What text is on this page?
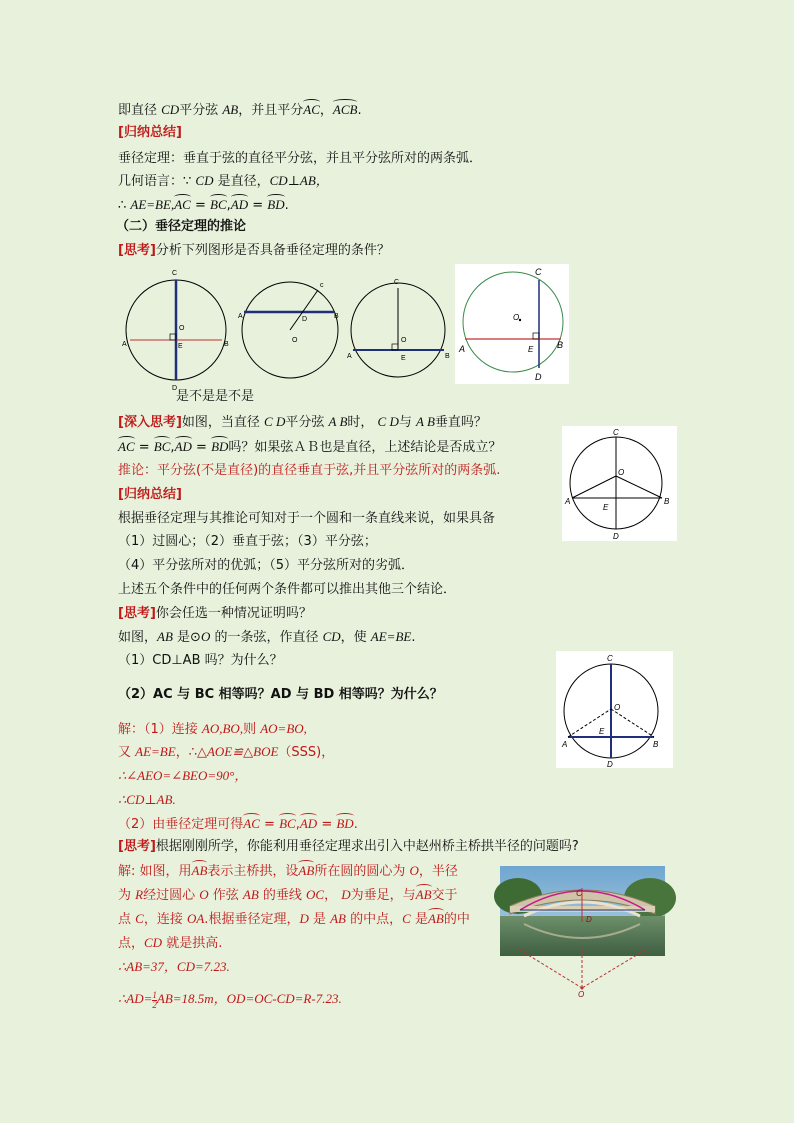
即直径 CD平分弦 AB，并且平分AC，ACB.
[归纳总结]
垂径定理：垂直于弦的直径平分弦，并且平分弦所对的两条弧．
几何语言：∵ CD 是直径，CD⊥AB，
∴ AE=BE,AC = BC,AD = BD.
（二）垂径定理的推论
[思考]分析下列图形是否具备垂径定理的条件？
C
O
E
D
A	B
c
D
O
A	B
C
O
E
A	B
C
O
E
D
A	B
是不是是不是
[深入思考]如图，当直径 C D平分弦 A B时， C D与 A B垂直吗？
AC = BC,AD = BD吗？如果弦ＡＢ也是直径，上述结论是否成立？
推论：平分弦(不是直径)的直径垂直于弦,并且平分弦所对的两条弧.
C
O
E
D
A	B
[归纳总结]
根据垂径定理与其推论可知对于一个圆和一条直线来说，如果具备
（1）过圆心；（2）垂直于弦；（3）平分弦；
（4）平分弦所对的优弧；（5）平分弦所对的劣弧．
上述五个条件中的任何两个条件都可以推出其他三个结论．
[思考]你会任选一种情况证明吗？
如图，AB 是⊙O 的一条弦，作直径 CD，使 AE=BE.
（1）CD⊥AB 吗？为什么？
（2）AC 与 BC 相等吗？AD 与 BD 相等吗？为什么？
C
O
E
D
A	B
解：（1）连接 AO,BO,则 AO=BO,
又 AE=BE，∴△AOE≌△BOE（SSS)，
∴∠AEO=∠BEO=90°，
∴CD⊥AB.
（2）由垂径定理可得AC = BC,AD = BD.
[思考]根据刚刚所学，你能利用垂径定理求出引入中赵州桥主桥拱半径的问题吗?
解: 如图，用AB表示主桥拱，设AB所在圆的圆心为 O，半径
为 R经过圆心 O 作弦 AB 的垂线 OC， D为垂足，与AB交于
点 C，连接 OA.根据垂径定理，D 是 AB 的中点，C 是AB的中
点，CD 就是拱高.
∴AB=37，CD=7.23.
∴AD= $\frac{1}{2} AB=18.5m$，OD=OC-CD=R-7.23.
C
D
O
